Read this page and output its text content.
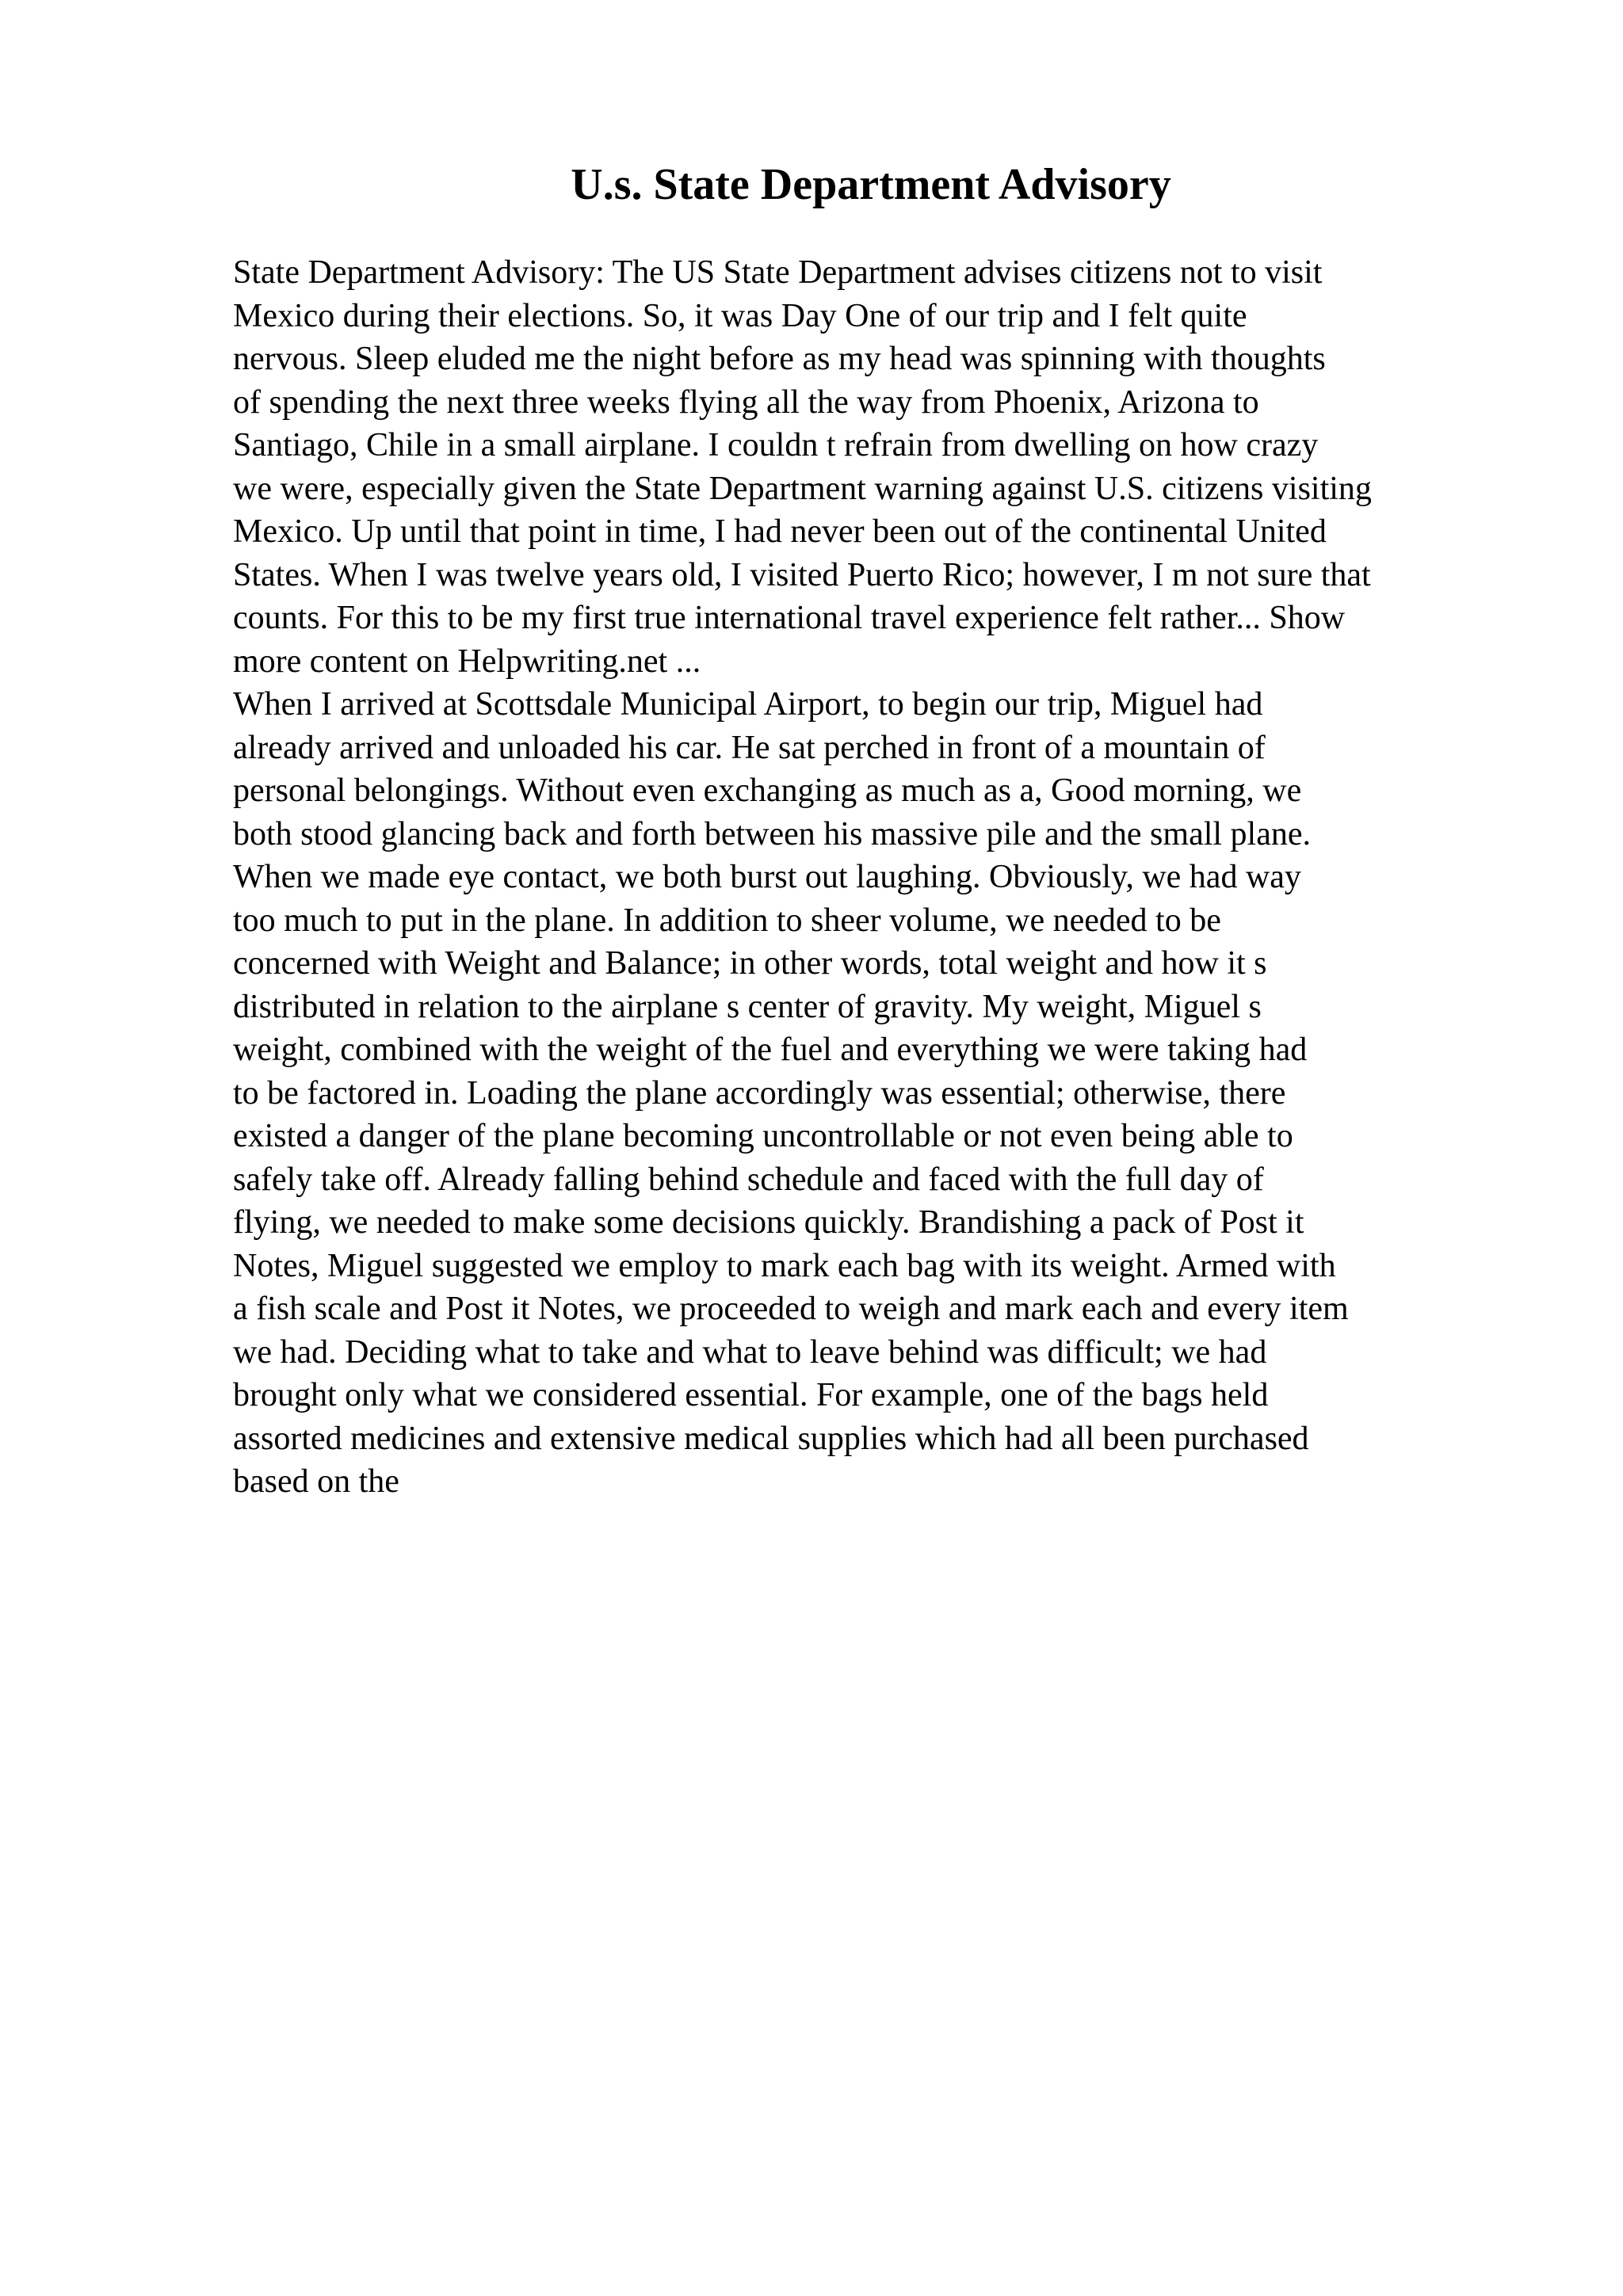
U.s. State Department Advisory
State Department Advisory: The US State Department advises citizens not to visit
Mexico during their elections. So, it was Day One of our trip and I felt quite
nervous. Sleep eluded me the night before as my head was spinning with thoughts
of spending the next three weeks flying all the way from Phoenix, Arizona to
Santiago, Chile in a small airplane. I couldn t refrain from dwelling on how crazy
we were, especially given the State Department warning against U.S. citizens visiting
Mexico. Up until that point in time, I had never been out of the continental United
States. When I was twelve years old, I visited Puerto Rico; however, I m not sure that
counts. For this to be my first true international travel experience felt rather... Show
more content on Helpwriting.net ...
When I arrived at Scottsdale Municipal Airport, to begin our trip, Miguel had
already arrived and unloaded his car. He sat perched in front of a mountain of
personal belongings. Without even exchanging as much as a, Good morning, we
both stood glancing back and forth between his massive pile and the small plane.
When we made eye contact, we both burst out laughing. Obviously, we had way
too much to put in the plane. In addition to sheer volume, we needed to be
concerned with Weight and Balance; in other words, total weight and how it s
distributed in relation to the airplane s center of gravity. My weight, Miguel s
weight, combined with the weight of the fuel and everything we were taking had
to be factored in. Loading the plane accordingly was essential; otherwise, there
existed a danger of the plane becoming uncontrollable or not even being able to
safely take off. Already falling behind schedule and faced with the full day of
flying, we needed to make some decisions quickly. Brandishing a pack of Post it
Notes, Miguel suggested we employ to mark each bag with its weight. Armed with
a fish scale and Post it Notes, we proceeded to weigh and mark each and every item
we had. Deciding what to take and what to leave behind was difficult; we had
brought only what we considered essential. For example, one of the bags held
assorted medicines and extensive medical supplies which had all been purchased
based on the
